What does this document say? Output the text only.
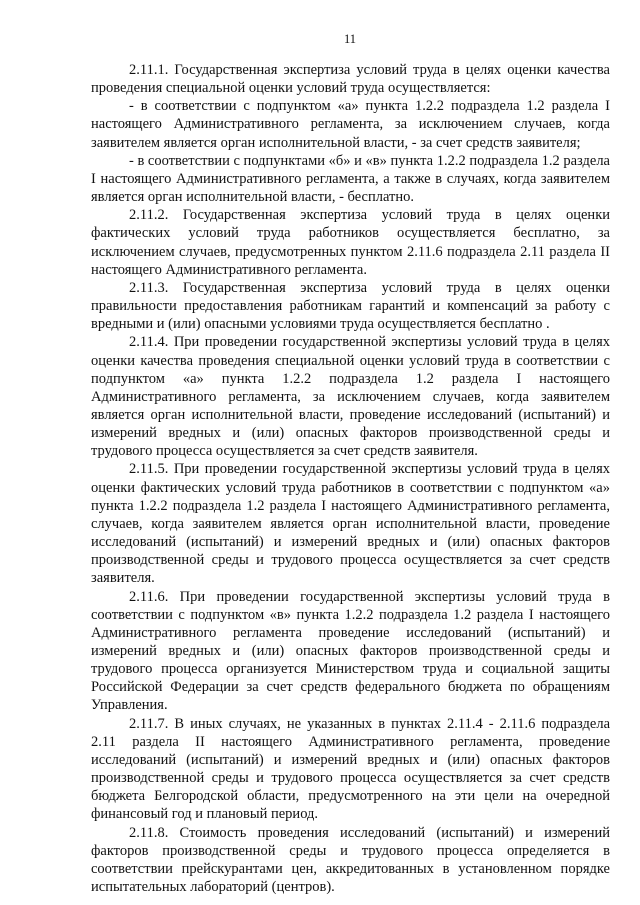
11

2.11.1. Государственная экспертиза условий труда в целях оценки качества проведения специальной оценки условий труда осуществляется:

- в соответствии с подпунктом «а» пункта 1.2.2 подраздела 1.2 раздела I настоящего Административного регламента, за исключением случаев, когда заявителем является орган исполнительной власти, - за счет средств заявителя;

- в соответствии с подпунктами «б» и «в» пункта 1.2.2 подраздела 1.2 раздела I настоящего Административного регламента, а также в случаях, когда заявителем является орган исполнительной власти, - бесплатно.

2.11.2. Государственная экспертиза условий труда в целях оценки фактических условий труда работников осуществляется бесплатно, за исключением случаев, предусмотренных пунктом 2.11.6 подраздела 2.11 раздела II настоящего Административного регламента.

2.11.3. Государственная экспертиза условий труда в целях оценки правильности предоставления работникам гарантий и компенсаций за работу с вредными и (или) опасными условиями труда осуществляется бесплатно .

2.11.4. При проведении государственной экспертизы условий труда в целях оценки качества проведения специальной оценки условий труда в соответствии с подпунктом «а» пункта 1.2.2 подраздела 1.2 раздела I настоящего Административного регламента, за исключением случаев, когда заявителем является орган исполнительной власти, проведение исследований (испытаний) и измерений вредных и (или) опасных факторов производственной среды и трудового процесса осуществляется за счет средств заявителя.

2.11.5. При проведении государственной экспертизы условий труда в целях оценки фактических условий труда работников в соответствии с подпунктом «а» пункта 1.2.2 подраздела 1.2 раздела I настоящего Административного регламента, случаев, когда заявителем является орган исполнительной власти, проведение исследований (испытаний) и измерений вредных и (или) опасных факторов производственной среды и трудового процесса осуществляется за счет средств заявителя.

2.11.6. При проведении государственной экспертизы условий труда в соответствии с подпунктом «в» пункта 1.2.2 подраздела 1.2 раздела I настоящего Административного регламента проведение исследований (испытаний) и измерений вредных и (или) опасных факторов производственной среды и трудового процесса организуется Министерством труда и социальной защиты Российской Федерации за счет средств федерального бюджета по обращениям Управления.

2.11.7. В иных случаях, не указанных в пунктах 2.11.4 - 2.11.6 подраздела 2.11 раздела II настоящего Административного регламента, проведение исследований (испытаний) и измерений вредных и (или) опасных факторов производственной среды и трудового процесса осуществляется за счет средств бюджета Белгородской области, предусмотренного на эти цели на очередной финансовый год и плановый период.

2.11.8. Стоимость проведения исследований (испытаний) и измерений факторов производственной среды и трудового процесса определяется в соответствии прейскурантами цен, аккредитованных в установленном порядке испытательных лабораторий (центров).
